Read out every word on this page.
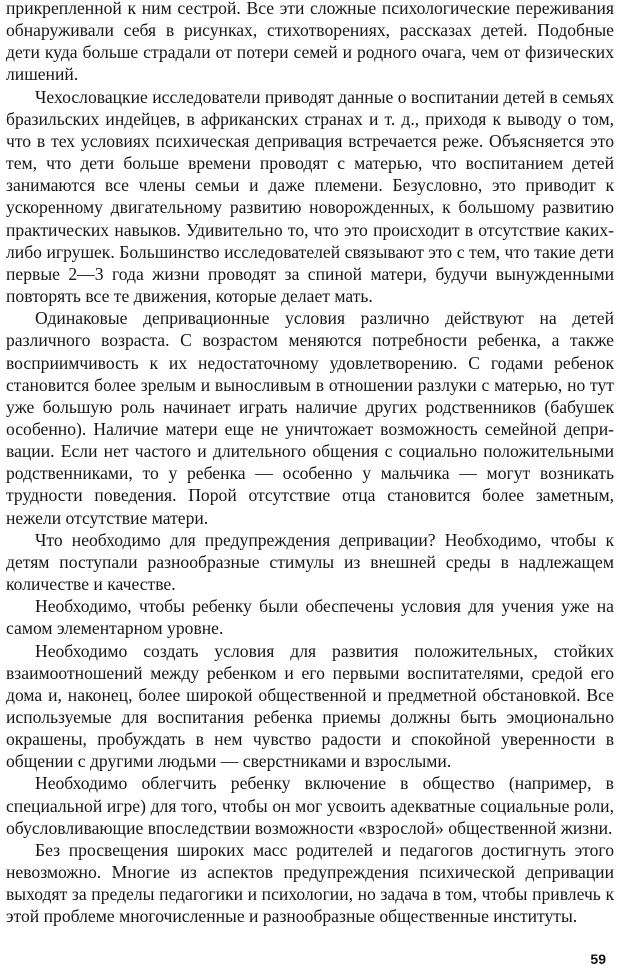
прикрепленной к ним сестрой. Все эти сложные психологические переживания обнаруживали себя в рисунках, стихотворениях, рассказах детей. Подобные дети куда больше страдали от потери семей и родного очага, чем от физических лишений.

Чехословацкие исследователи приводят данные о воспитании детей в семьях бразильских индейцев, в африканских странах и т. д., приходя к выводу о том, что в тех условиях психическая депривация встречается реже. Объясняется это тем, что дети больше времени проводят с матерью, что воспитанием детей занимаются все члены семьи и даже племени. Безусловно, это приводит к ускоренному двигательному развитию новорожденных, к большому развитию практических навыков. Удивительно то, что это происходит в отсутствие каких-либо игрушек. Большинство исследователей связывают это с тем, что такие дети первые 2—3 года жизни проводят за спиной матери, будучи вынужденными повторять все те движения, которые делает мать.

Одинаковые депривационные условия различно действуют на детей различного возраста. С возрастом меняются потребности ребенка, а также восприимчивость к их недостаточному удовлетворению. С годами ребенок становится более зрелым и выносливым в отношении разлуки с матерью, но тут уже большую роль начинает играть наличие других родственников (бабушек особенно). Наличие матери еще не уничтожает возможность семейной депривации. Если нет частого и длительного общения с социально положительными родственниками, то у ребенка — особенно у мальчика — могут возникать трудности поведения. Порой отсутствие отца становится более заметным, нежели отсутствие матери.

Что необходимо для предупреждения депривации? Необходимо, чтобы к детям поступали разнообразные стимулы из внешней среды в надлежащем количестве и качестве.

Необходимо, чтобы ребенку были обеспечены условия для учения уже на самом элементарном уровне.

Необходимо создать условия для развития положительных, стойких взаимоотношений между ребенком и его первыми воспитателями, средой его дома и, наконец, более широкой общественной и предметной обстановкой. Все используемые для воспитания ребенка приемы должны быть эмоционально окрашены, пробуждать в нем чувство радости и спокойной уверенности в общении с другими людьми — сверстниками и взрослыми.

Необходимо облегчить ребенку включение в общество (например, в специальной игре) для того, чтобы он мог усвоить адекватные социальные роли, обусловливающие впоследствии возможности «взрослой» общественной жизни.

Без просвещения широких масс родителей и педагогов достигнуть этого невозможно. Многие из аспектов предупреждения психической депривации выходят за пределы педагогики и психологии, но задача в том, чтобы привлечь к этой проблеме многочисленные и разнообразные общественные институты.

59
